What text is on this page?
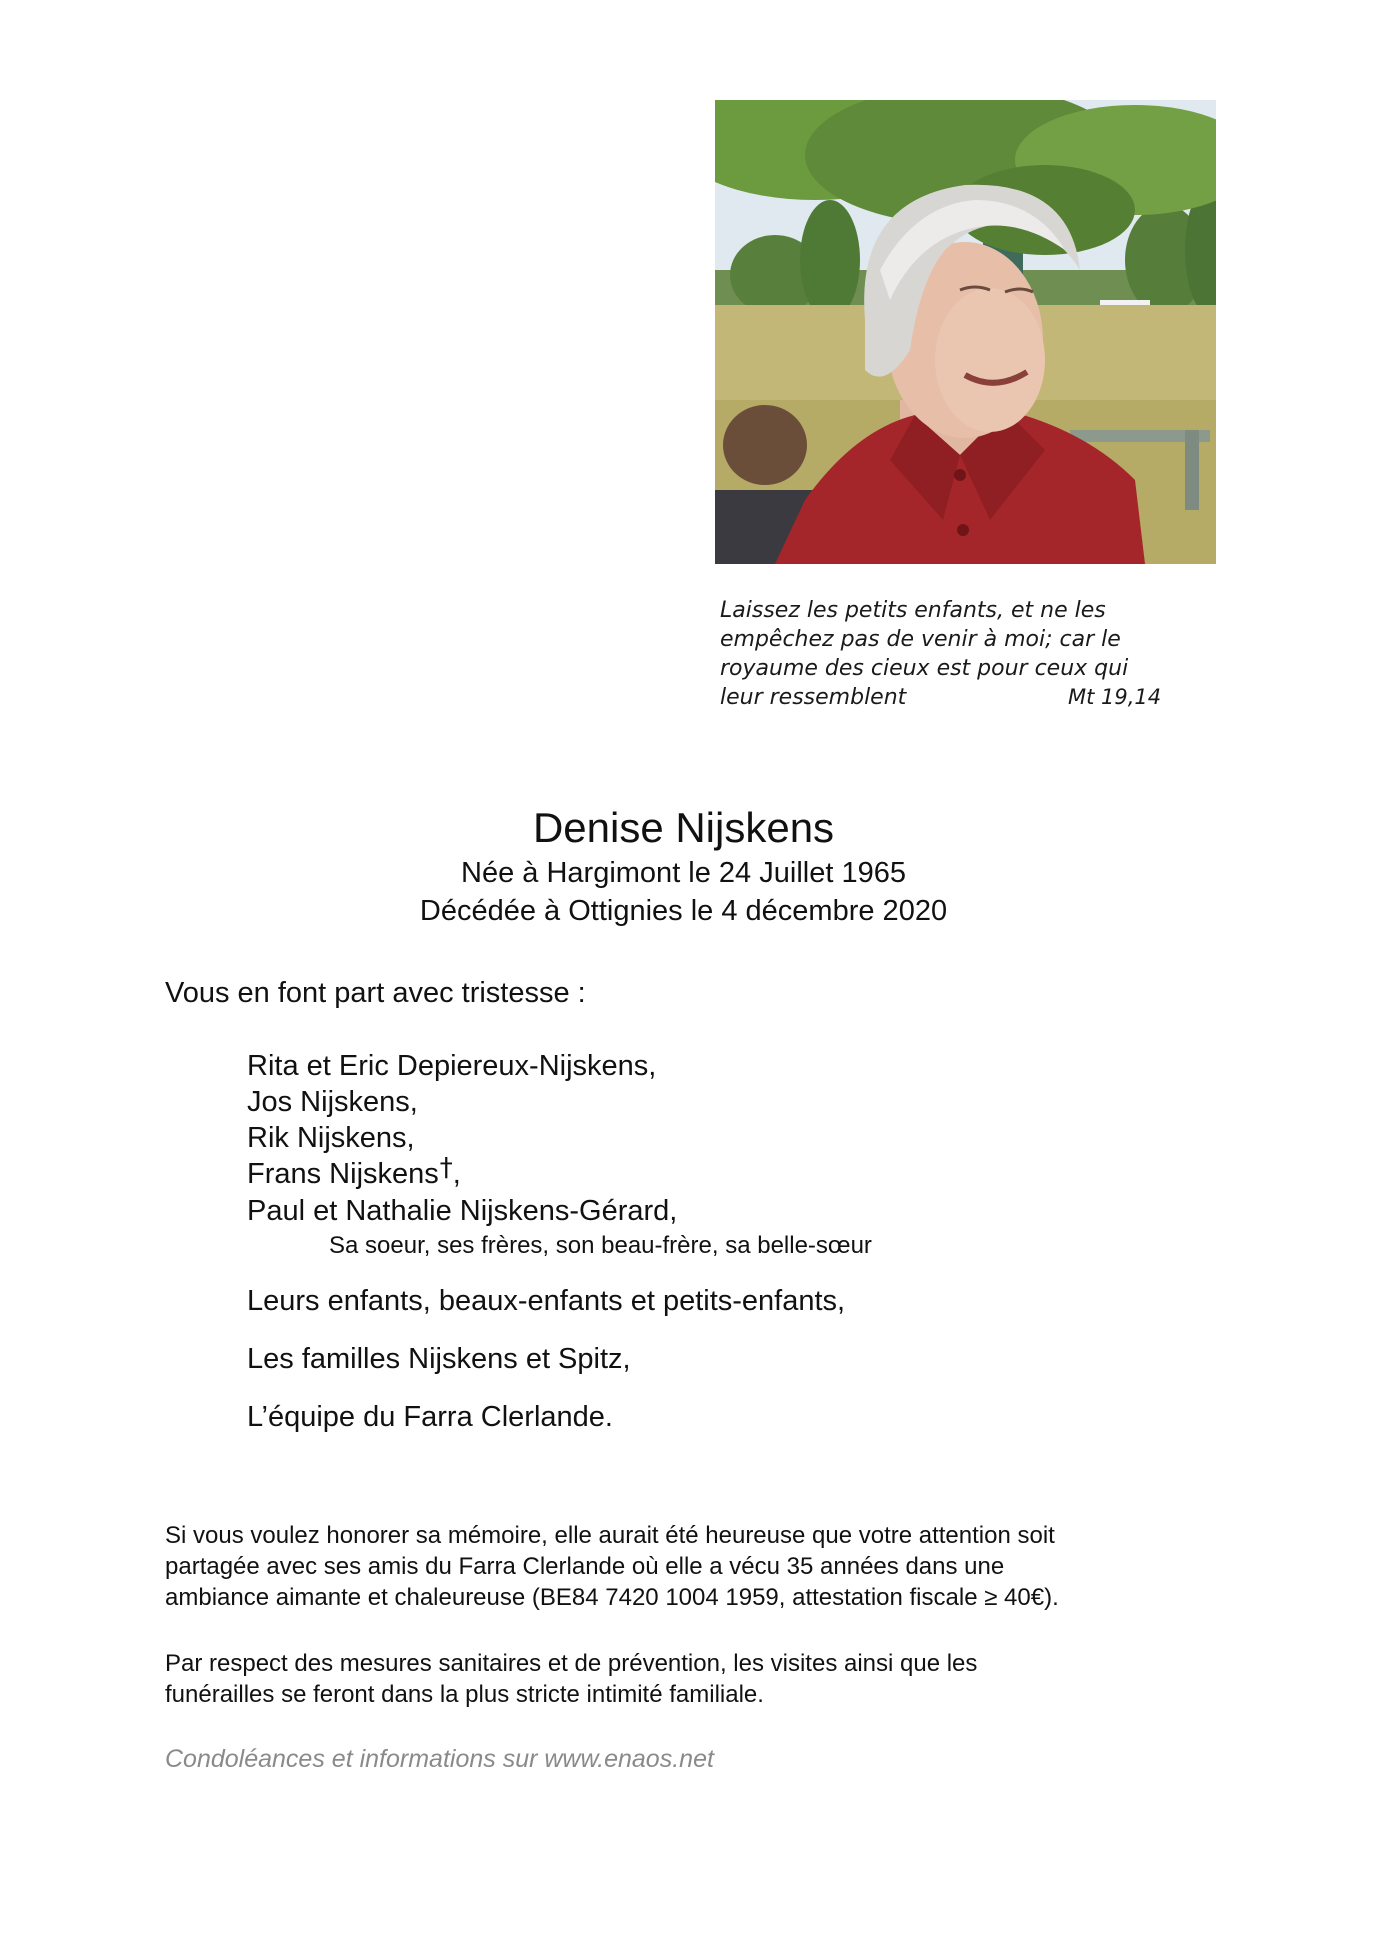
Laissez les petits enfants, et ne les
empêchez pas de venir à moi; car le
royaume des cieux est pour ceux qui
leur ressemblent	Mt 19,14
Denise Nijskens
Née à Hargimont le 24 Juillet 1965
Décédée à Ottignies le 4 décembre 2020
Vous en font part avec tristesse :
Rita et Eric Depiereux-Nijskens,
Jos Nijskens,
Rik Nijskens,
Frans Nijskens†,
Paul et Nathalie Nijskens-Gérard,
Sa soeur, ses frères, son beau-frère, sa belle-sœur
Leurs enfants, beaux-enfants et petits-enfants,
Les familles Nijskens et Spitz,
L’équipe du Farra Clerlande.
Si vous voulez honorer sa mémoire, elle aurait été heureuse que votre attention soit
partagée avec ses amis du Farra Clerlande où elle a vécu 35 années dans une
ambiance aimante et chaleureuse (BE84 7420 1004 1959, attestation fiscale ≥ 40€).
Par respect des mesures sanitaires et de prévention, les visites ainsi que les
funérailles se feront dans la plus stricte intimité familiale.
Condoléances et informations sur www.enaos.net
